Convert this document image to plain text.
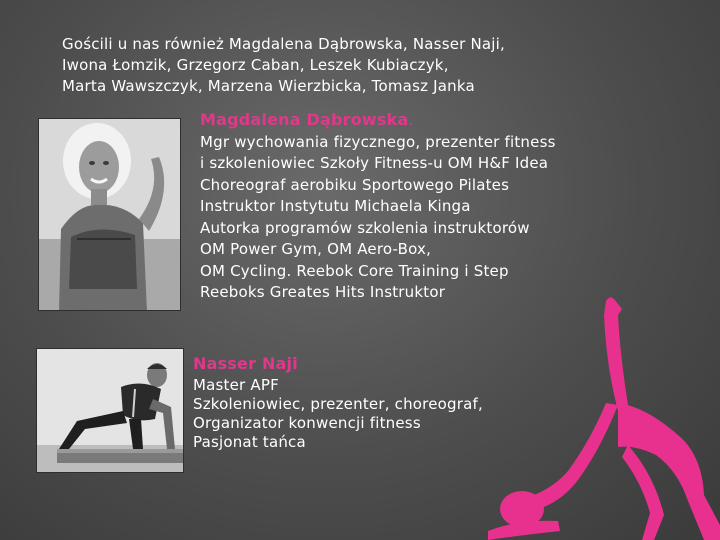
Gościli u nas również Magdalena Dąbrowska, Nasser Naji,
Iwona Łomzik, Grzegorz Caban, Leszek Kubiaczyk,
Marta Wawszczyk, Marzena Wierzbicka, Tomasz Janka
Magdalena Dąbrowska.
Mgr wychowania fizycznego, prezenter fitness
i szkoleniowiec Szkoły Fitness-u OM H&F Idea
Choreograf aerobiku Sportowego Pilates
Instruktor Instytutu Michaela Kinga
Autorka programów szkolenia instruktorów
OM Power Gym, OM Aero-Box,
OM Cycling. Reebok Core Training i Step
Reeboks Greates Hits Instruktor
Nasser Naji
Master APF
Szkoleniowiec, prezenter, choreograf,
Organizator konwencji fitness
Pasjonat tańca
